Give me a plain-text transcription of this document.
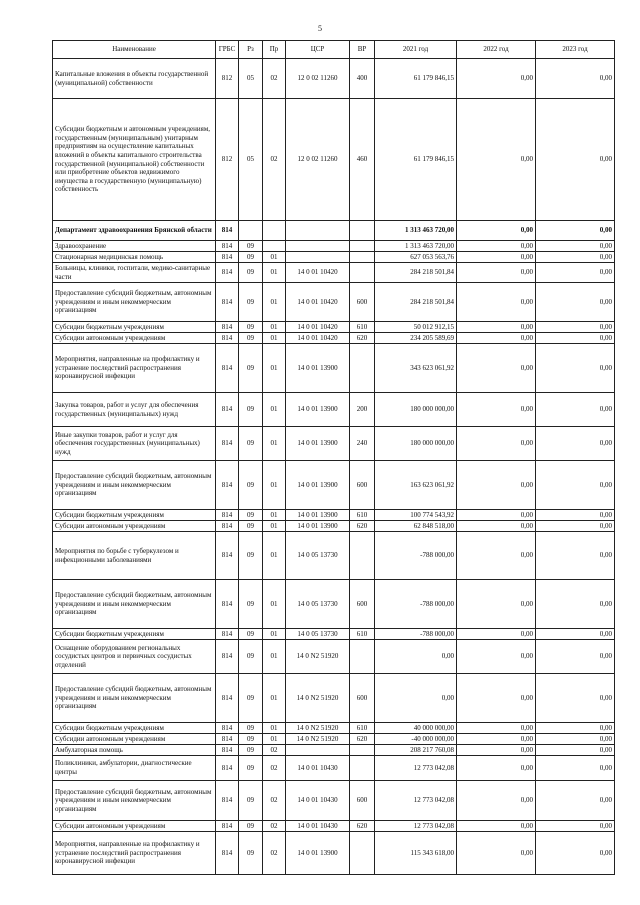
5
Наименование	ГРБС	Рз	Пр	ЦСР	ВР	2021 год	2022 год	2023 год
Капитальные вложения в объекты государственной (муниципальной) собственности	812	05	02	12 0 02 11260	400	61 179 846,15	0,00	0,00
Субсидии бюджетным и автономным учреждениям, государственным (муниципальным) унитарным предприятиям на осуществление капитальных вложений в объекты капитального строительства государственной (муниципальной) собственности или приобретение объектов недвижимого имущества в государственную (муниципальную) собственность	812	05	02	12 0 02 11260	460	61 179 846,15	0,00	0,00
Департамент здравоохранения Брянской области	814					1 313 463 720,00	0,00	0,00
Здравоохранение	814	09				1 313 463 720,00	0,00	0,00
Стационарная медицинская помощь	814	09	01			627 053 563,76	0,00	0,00
Больницы, клиники, госпитали, медико-санитарные части	814	09	01	14 0 01 10420		284 218 501,84	0,00	0,00
Предоставление субсидий бюджетным, автономным учреждениям и иным некоммерческим организациям	814	09	01	14 0 01 10420	600	284 218 501,84	0,00	0,00
Субсидии бюджетным учреждениям	814	09	01	14 0 01 10420	610	50 012 912,15	0,00	0,00
Субсидии автономным учреждениям	814	09	01	14 0 01 10420	620	234 205 589,69	0,00	0,00
Мероприятия, направленные на профилактику и устранение последствий распространения коронавирусной инфекции	814	09	01	14 0 01 13900		343 623 061,92	0,00	0,00
Закупка товаров, работ и услуг для обеспечения государственных (муниципальных) нужд	814	09	01	14 0 01 13900	200	180 000 000,00	0,00	0,00
Иные закупки товаров, работ и услуг для обеспечения государственных (муниципальных) нужд	814	09	01	14 0 01 13900	240	180 000 000,00	0,00	0,00
Предоставление субсидий бюджетным, автономным учреждениям и иным некоммерческим организациям	814	09	01	14 0 01 13900	600	163 623 061,92	0,00	0,00
Субсидии бюджетным учреждениям	814	09	01	14 0 01 13900	610	100 774 543,92	0,00	0,00
Субсидии автономным учреждениям	814	09	01	14 0 01 13900	620	62 848 518,00	0,00	0,00
Мероприятия по борьбе с туберкулезом и инфекционными заболеваниями	814	09	01	14 0 05 13730		-788 000,00	0,00	0,00
Предоставление субсидий бюджетным, автономным учреждениям и иным некоммерческим организациям	814	09	01	14 0 05 13730	600	-788 000,00	0,00	0,00
Субсидии бюджетным учреждениям	814	09	01	14 0 05 13730	610	-788 000,00	0,00	0,00
Оснащение оборудованием региональных сосудистых центров и первичных сосудистых отделений	814	09	01	14 0 N2 51920		0,00	0,00	0,00
Предоставление субсидий бюджетным, автономным учреждениям и иным некоммерческим организациям	814	09	01	14 0 N2 51920	600	0,00	0,00	0,00
Субсидии бюджетным учреждениям	814	09	01	14 0 N2 51920	610	40 000 000,00	0,00	0,00
Субсидии автономным учреждениям	814	09	01	14 0 N2 51920	620	-40 000 000,00	0,00	0,00
Амбулаторная помощь	814	09	02			208 217 760,08	0,00	0,00
Поликлиники, амбулатории, диагностические центры	814	09	02	14 0 01 10430		12 773 042,08	0,00	0,00
Предоставление субсидий бюджетным, автономным учреждениям и иным некоммерческим организациям	814	09	02	14 0 01 10430	600	12 773 042,08	0,00	0,00
Субсидии автономным учреждениям	814	09	02	14 0 01 10430	620	12 773 042,08	0,00	0,00
Мероприятия, направленные на профилактику и устранение последствий распространения коронавирусной инфекции	814	09	02	14 0 01 13900		115 343 618,00	0,00	0,00
